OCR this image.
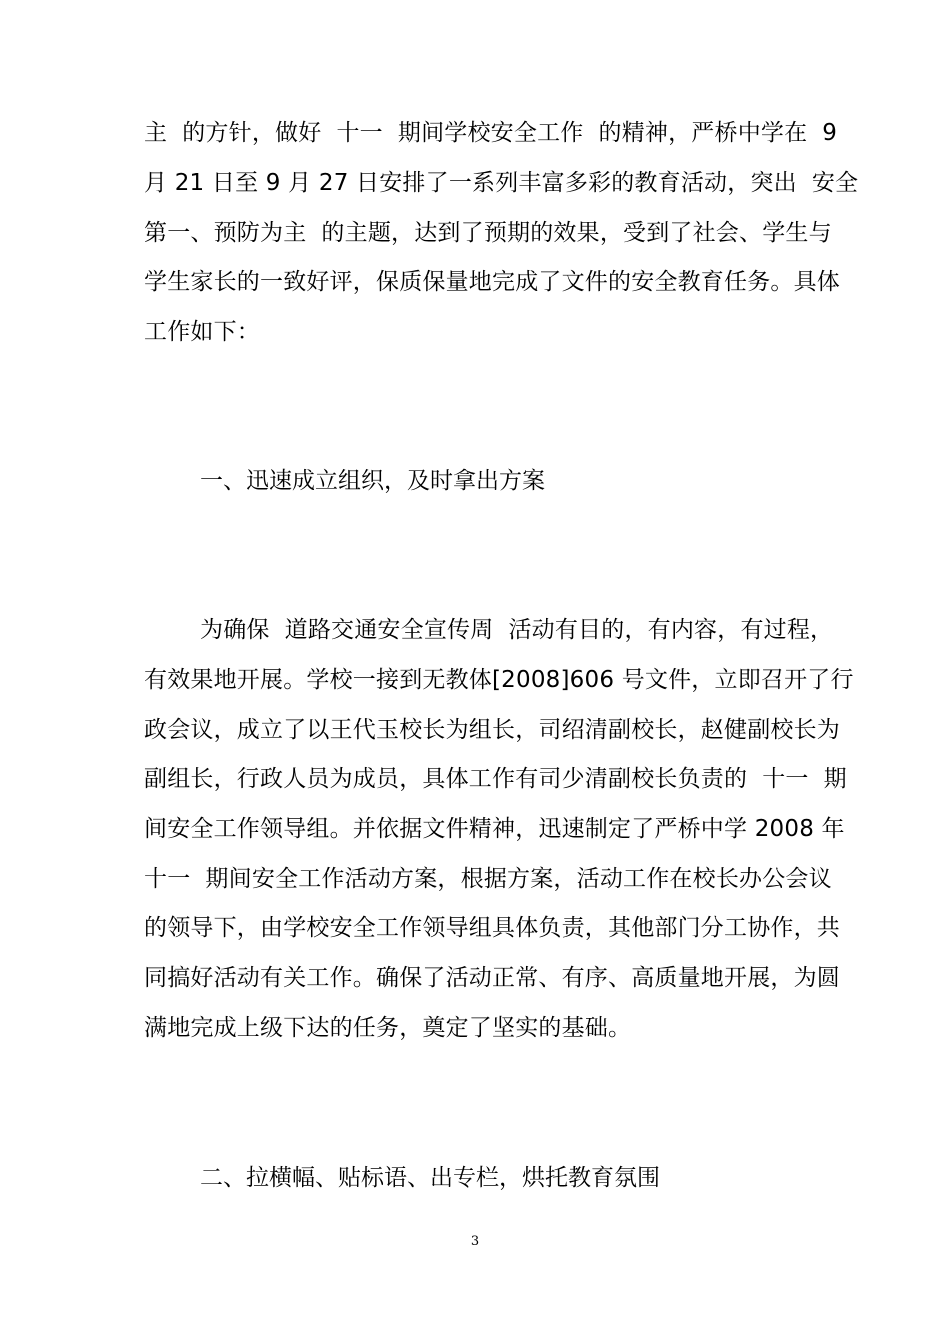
主  的方针，做好  十一  期间学校安全工作  的精神，严桥中学在  9
月 21 日至 9 月 27 日安排了一系列丰富多彩的教育活动，突出  安全
第一、预防为主  的主题，达到了预期的效果，受到了社会、学生与
学生家长的一致好评，保质保量地完成了文件的安全教育任务。具体
工作如下：
一、迅速成立组织，及时拿出方案
为确保  道路交通安全宣传周  活动有目的，有内容，有过程，
有效果地开展。学校一接到无教体[2008]606 号文件，立即召开了行
政会议，成立了以王代玉校长为组长，司绍清副校长，赵健副校长为
副组长，行政人员为成员，具体工作有司少清副校长负责的  十一  期
间安全工作领导组。并依据文件精神，迅速制定了严桥中学 2008 年
十一  期间安全工作活动方案，根据方案，活动工作在校长办公会议
的领导下，由学校安全工作领导组具体负责，其他部门分工协作，共
同搞好活动有关工作。确保了活动正常、有序、高质量地开展，为圆
满地完成上级下达的任务，奠定了坚实的基础。
二、拉横幅、贴标语、出专栏，烘托教育氛围
3
